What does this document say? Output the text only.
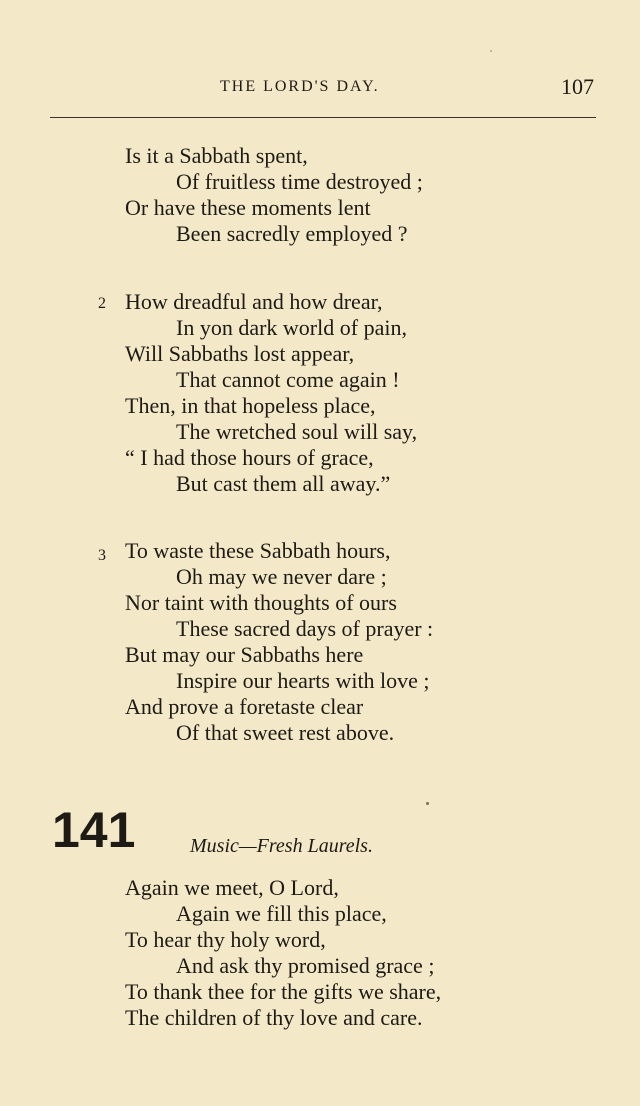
THE LORD'S DAY.	107
Is it a Sabbath spent,
Of fruitless time destroyed ;
Or have these moments lent
Been sacredly employed ?
2 How dreadful and how drear,
In yon dark world of pain,
Will Sabbaths lost appear,
That cannot come again !
Then, in that hopeless place,
The wretched soul will say,
“ I had those hours of grace,
But cast them all away.”
3 To waste these Sabbath hours,
Oh may we never dare ;
Nor taint with thoughts of ours
These sacred days of prayer :
But may our Sabbaths here
Inspire our hearts with love ;
And prove a foretaste clear
Of that sweet rest above.
141	Music—Fresh Laurels.
Again we meet, O Lord,
Again we fill this place,
To hear thy holy word,
And ask thy promised grace ;
To thank thee for the gifts we share,
The children of thy love and care.
